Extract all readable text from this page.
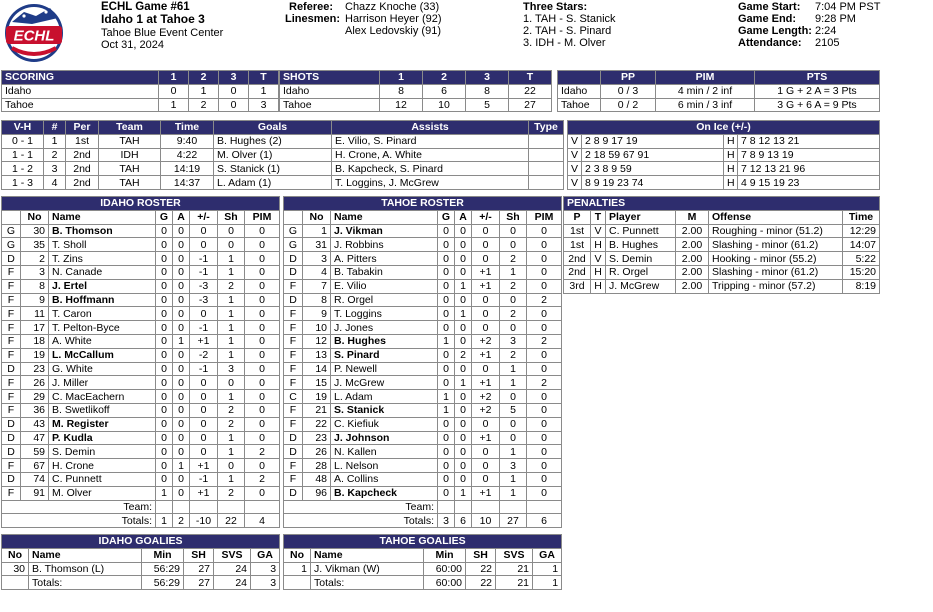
ECHL
ECHL Game #61
Idaho 1 at Tahoe 3
Tahoe Blue Event Center
Oct 31, 2024
Referee: Chazz Knoche (33)
Linesmen: Harrison Heyer (92)
Alex Ledovskiy (91)
Three Stars:
1. TAH - S. Stanick
2. TAH - S. Pinard
3. IDH - M. Olver
Game Start: 7:04 PM PST
Game End: 9:28 PM
Game Length: 2:24
Attendance: 2105
SCORING	1	2	3	T
Idaho	0	1	0	1
Tahoe	1	2	0	3
SHOTS	1	2	3	T
Idaho	8	6	8	22
Tahoe	12	10	5	27
	PP	PIM	PTS
Idaho	0 / 3	4 min / 2 inf	1 G + 2 A = 3 Pts
Tahoe	0 / 2	6 min / 3 inf	3 G + 6 A = 9 Pts
V-H	#	Per	Team	Time	Goals	Assists	Type
0 - 1	1	1st	TAH	9:40	B. Hughes (2)	E. Vilio, S. Pinard	
1 - 1	2	2nd	IDH	4:22	M. Olver (1)	H. Crone, A. White	
1 - 2	3	2nd	TAH	14:19	S. Stanick (1)	B. Kapcheck, S. Pinard	
1 - 3	4	2nd	TAH	14:37	L. Adam (1)	T. Loggins, J. McGrew	
On Ice (+/-)			
V	2 8 9 17 19	H	7 8 12 13 21
V	2 18 59 67 91	H	7 8 9 13 19
V	2 3 8 9 59	H	7 12 13 21 96
V	8 9 19 23 74	H	4 9 15 19 23
IDAHO ROSTER							
	No	Name	G	A	+/-	Sh	PIM
G	30	B. Thomson	0	0	0	0	0
G	35	T. Sholl	0	0	0	0	0
D	2	T. Zins	0	0	-1	1	0
F	3	N. Canade	0	0	-1	1	0
F	8	J. Ertel	0	0	-3	2	0
F	9	B. Hoffmann	0	0	-3	1	0
F	11	T. Caron	0	0	0	1	0
F	17	T. Pelton-Byce	0	0	-1	1	0
F	18	A. White	0	1	+1	1	0
F	19	L. McCallum	0	0	-2	1	0
D	23	G. White	0	0	-1	3	0
F	26	J. Miller	0	0	0	0	0
F	29	C. MacEachern	0	0	0	1	0
F	36	B. Swetlikoff	0	0	0	2	0
D	43	M. Register	0	0	0	2	0
D	47	P. Kudla	0	0	0	1	0
D	59	S. Demin	0	0	0	1	2
F	67	H. Crone	0	1	+1	0	0
D	74	C. Punnett	0	0	-1	1	2
F	91	M. Olver	1	0	+1	2	0
Team:							
Totals:			1	2	-10	22	4
TAHOE ROSTER							
	No	Name	G	A	+/-	Sh	PIM
G	1	J. Vikman	0	0	0	0	0
G	31	J. Robbins	0	0	0	0	0
D	3	A. Pitters	0	0	0	2	0
D	4	B. Tabakin	0	0	+1	1	0
F	7	E. Vilio	0	1	+1	2	0
D	8	R. Orgel	0	0	0	0	2
F	9	T. Loggins	0	1	0	2	0
F	10	J. Jones	0	0	0	0	0
F	12	B. Hughes	1	0	+2	3	2
F	13	S. Pinard	0	2	+1	2	0
F	14	P. Newell	0	0	0	1	0
F	15	J. McGrew	0	1	+1	1	2
C	19	L. Adam	1	0	+2	0	0
F	21	S. Stanick	1	0	+2	5	0
F	22	C. Kiefiuk	0	0	0	0	0
D	23	J. Johnson	0	0	+1	0	0
D	26	N. Kallen	0	0	0	1	0
F	28	L. Nelson	0	0	0	3	0
F	48	A. Collins	0	0	0	1	0
D	96	B. Kapcheck	0	1	+1	1	0
Team:							
Totals:			3	6	10	27	6
PENALTIES					
P	T	Player	M	Offense	Time
1st	V	C. Punnett	2.00	Roughing - minor (51.2)	12:29
1st	H	B. Hughes	2.00	Slashing - minor (61.2)	14:07
2nd	V	S. Demin	2.00	Hooking - minor (55.2)	5:22
2nd	H	R. Orgel	2.00	Slashing - minor (61.2)	15:20
3rd	H	J. McGrew	2.00	Tripping - minor (57.2)	8:19
IDAHO GOALIES					
No	Name	Min	SH	SVS	GA
30	B. Thomson (L)	56:29	27	24	3
	Totals:	56:29	27	24	3
TAHOE GOALIES					
No	Name	Min	SH	SVS	GA
1	J. Vikman (W)	60:00	22	21	1
	Totals:	60:00	22	21	1
